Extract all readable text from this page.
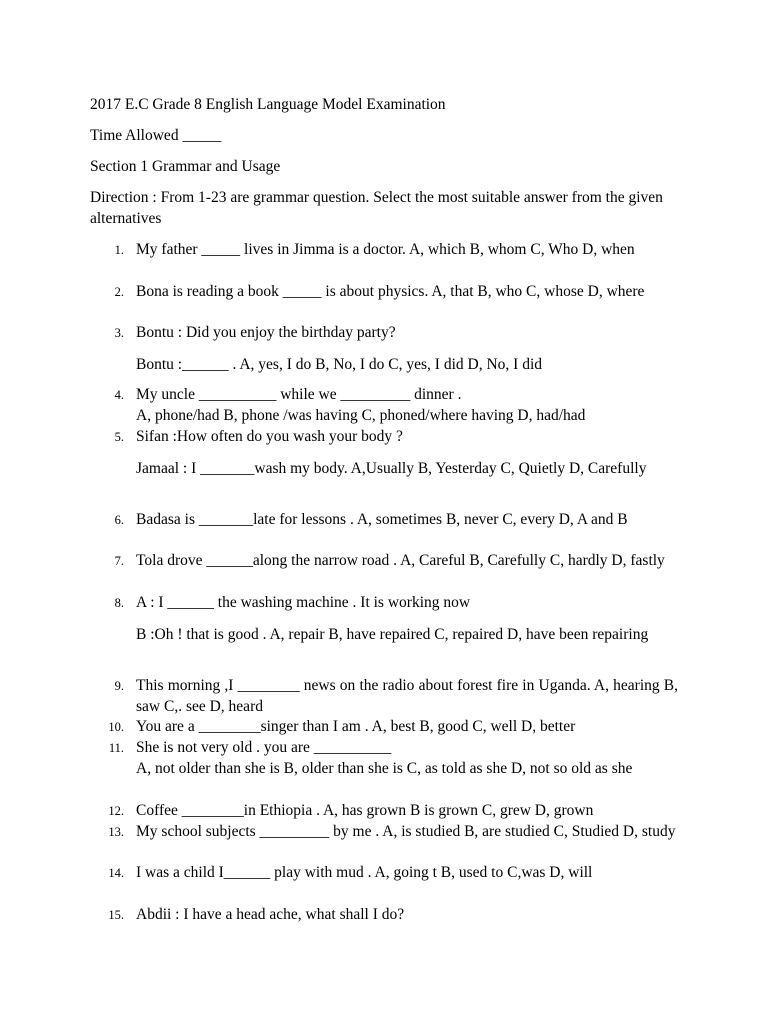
2017 E.C Grade 8 English Language Model Examination
Time Allowed _____
Section 1 Grammar and Usage
Direction : From 1-23 are grammar question. Select the most suitable answer from the given alternatives
1. My father _____ lives in Jimma is a doctor. A, which B, whom C, Who D, when
2. Bona is reading a book _____ is about physics. A, that B, who C, whose D, where
3. Bontu : Did you enjoy the birthday party?
Bontu :______ . A, yes, I do B, No, I do C, yes, I did D, No, I did
4. My uncle __________ while we _________ dinner .
A, phone/had B, phone /was having C, phoned/where having D, had/had
5. Sifan :How often do you wash your body ?
Jamaal : I _______wash my body. A,Usually B, Yesterday C, Quietly D, Carefully
6. Badasa is _______late for lessons . A, sometimes B, never C, every D, A and B
7. Tola drove ______along the narrow road . A, Careful B, Carefully C, hardly D, fastly
8. A : I ______ the washing machine . It is working now
B :Oh ! that is good . A, repair B, have repaired C, repaired D, have been repairing
9. This morning ,I ________ news on the radio about forest fire in Uganda. A, hearing B, saw C,. see D, heard
10. You are a ________singer than I am . A, best B, good C, well D, better
11. She is not very old . you are __________
A, not older than she is B, older than she is C, as told as she D, not so old as she
12. Coffee ________in Ethiopia . A, has grown B is grown C, grew D, grown
13. My school subjects _________ by me . A, is studied B, are studied C, Studied D, study
14. I was a child I______ play with mud . A, going t B, used to C,was D, will
15. Abdii : I have a head ache, what shall I do?
